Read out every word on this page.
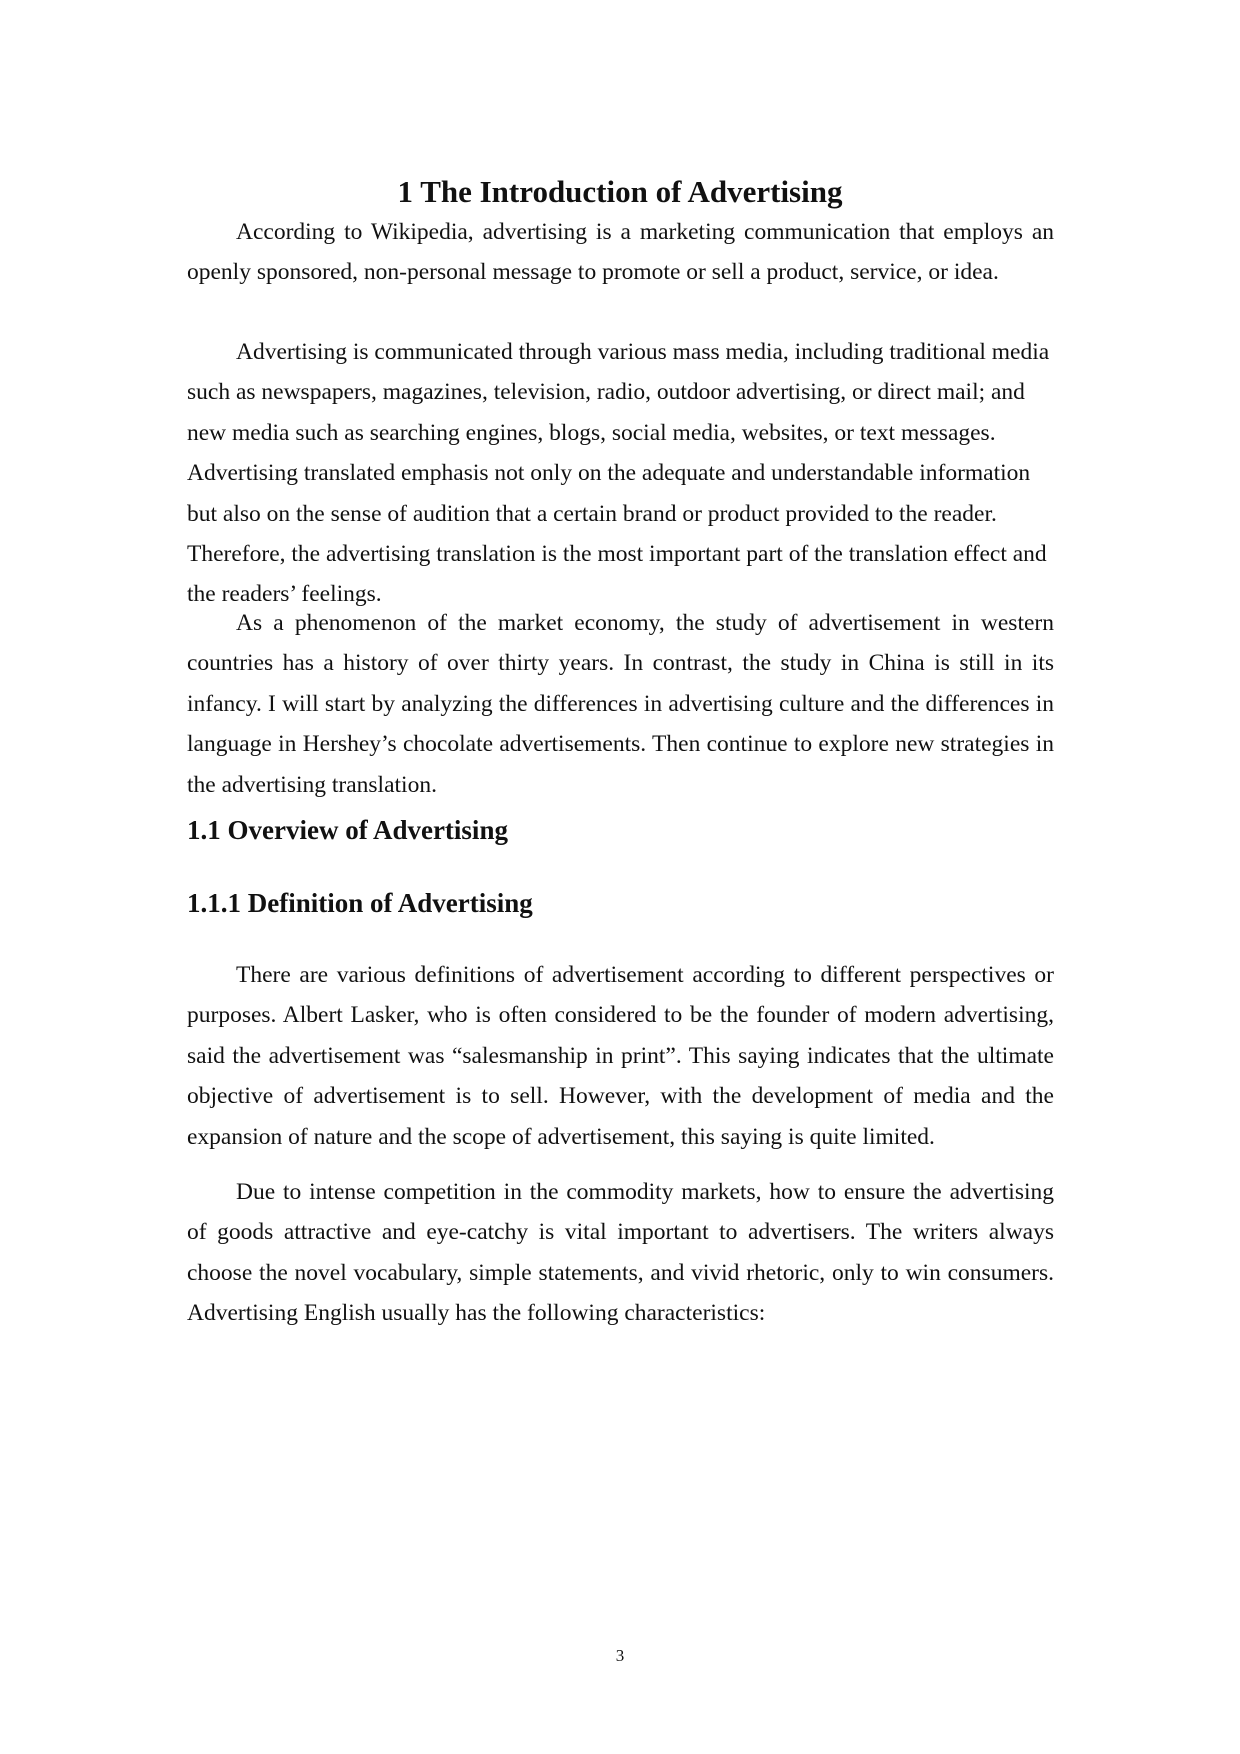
1 The Introduction of Advertising

According to Wikipedia, advertising is a marketing communication that employs an openly sponsored, non-personal message to promote or sell a product, service, or idea.

Advertising is communicated through various mass media, including traditional media such as newspapers, magazines, television, radio, outdoor advertising, or direct mail; and new media such as searching engines, blogs, social media, websites, or text messages. Advertising translated emphasis not only on the adequate and understandable information but also on the sense of audition that a certain brand or product provided to the reader. Therefore, the advertising translation is the most important part of the translation effect and the readers’ feelings.

As a phenomenon of the market economy, the study of advertisement in western countries has a history of over thirty years. In contrast, the study in China is still in its infancy. I will start by analyzing the differences in advertising culture and the differences in language in Hershey’s chocolate advertisements. Then continue to explore new strategies in the advertising translation.

1.1 Overview of Advertising
1.1.1 Definition of Advertising

There are various definitions of advertisement according to different perspectives or purposes. Albert Lasker, who is often considered to be the founder of modern advertising, said the advertisement was “salesmanship in print”. This saying indicates that the ultimate objective of advertisement is to sell. However, with the development of media and the expansion of nature and the scope of advertisement, this saying is quite limited.

Due to intense competition in the commodity markets, how to ensure the advertising of goods attractive and eye-catchy is vital important to advertisers. The writers always choose the novel vocabulary, simple statements, and vivid rhetoric, only to win consumers. Advertising English usually has the following characteristics:

3
